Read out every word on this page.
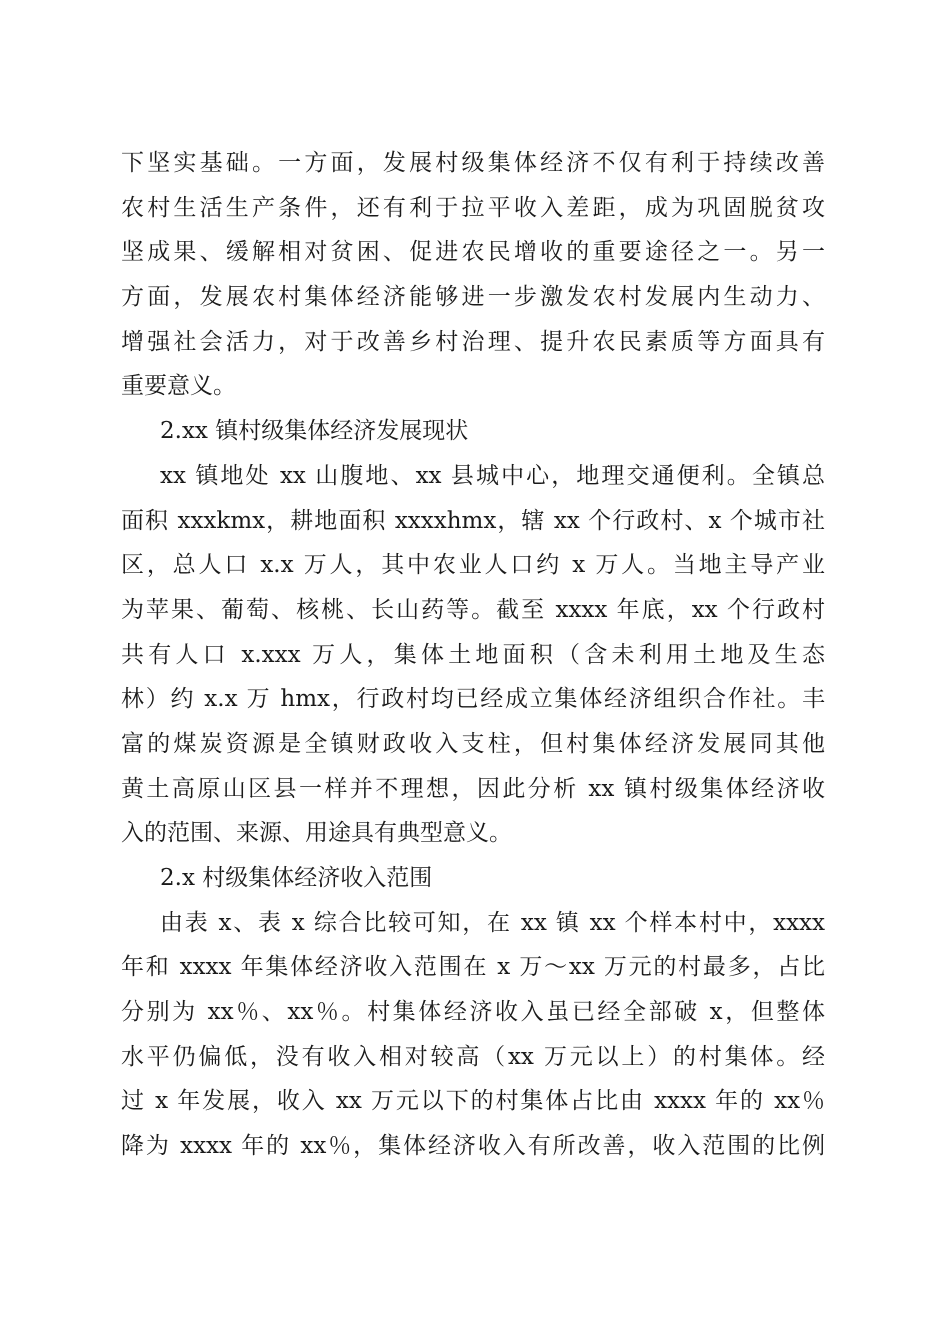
下坚实基础。一方面，发展村级集体经济不仅有利于持续改善
农村生活生产条件，还有利于拉平收入差距，成为巩固脱贫攻
坚成果、缓解相对贫困、促进农民增收的重要途径之一。另一
方面，发展农村集体经济能够进一步激发农村发展内生动力、
增强社会活力，对于改善乡村治理、提升农民素质等方面具有
重要意义。
2.xx 镇村级集体经济发展现状
xx 镇地处 xx 山腹地、xx 县城中心，地理交通便利。全镇总
面积 xxxkmx，耕地面积 xxxxhmx，辖 xx 个行政村、x 个城市社
区，总人口 x.x 万人，其中农业人口约 x 万人。当地主导产业
为苹果、葡萄、核桃、长山药等。截至 xxxx 年底，xx 个行政村
共有人口 x.xxx 万人，集体土地面积（含未利用土地及生态
林）约 x.x 万 hmx，行政村均已经成立集体经济组织合作社。丰
富的煤炭资源是全镇财政收入支柱，但村集体经济发展同其他
黄土高原山区县一样并不理想，因此分析 xx 镇村级集体经济收
入的范围、来源、用途具有典型意义。
2.x 村级集体经济收入范围
由表 x、表 x 综合比较可知，在 xx 镇 xx 个样本村中，xxxx
年和 xxxx 年集体经济收入范围在 x 万～xx 万元的村最多，占比
分别为 xx％、xx％。村集体经济收入虽已经全部破 x，但整体
水平仍偏低，没有收入相对较高（xx 万元以上）的村集体。经
过 x 年发展，收入 xx 万元以下的村集体占比由 xxxx 年的 xx％
降为 xxxx 年的 xx％，集体经济收入有所改善，收入范围的比例
